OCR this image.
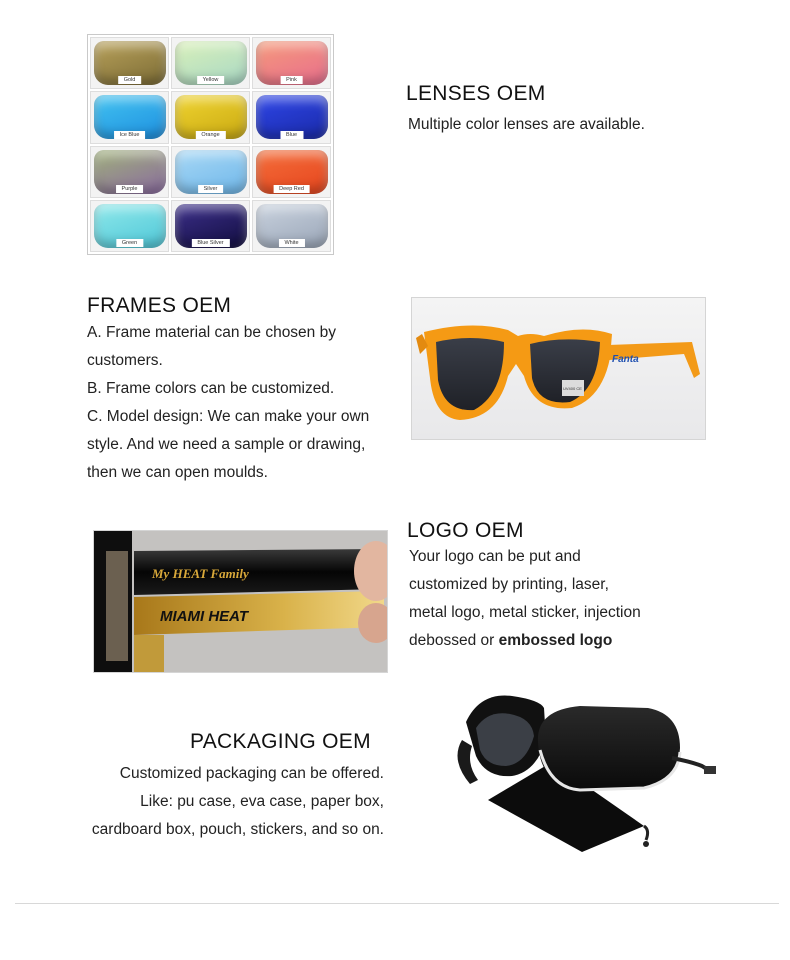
Gold	Yellow	Pink
Ice Blue	Orange	Blue
Purple	Silver	Deep Red
Green	Blue Silver	White
LENSES OEM
Multiple color lenses are available.
FRAMES OEM

A. Frame material can be chosen by

customers.

B. Frame colors can be customized.

C. Model design: We can make your own

style. And we need a sample or drawing,

then we can open moulds.

Fanta
UV400 CE
My HEAT Family
MIAMI HEAT
LOGO OEM

Your logo can be put and

customized by printing, laser,

metal logo, metal sticker, injection

debossed or embossed logo

PACKAGING OEM

Customized packaging can be offered.

Like: pu case, eva case, paper box,

cardboard box, pouch, stickers, and so on.
